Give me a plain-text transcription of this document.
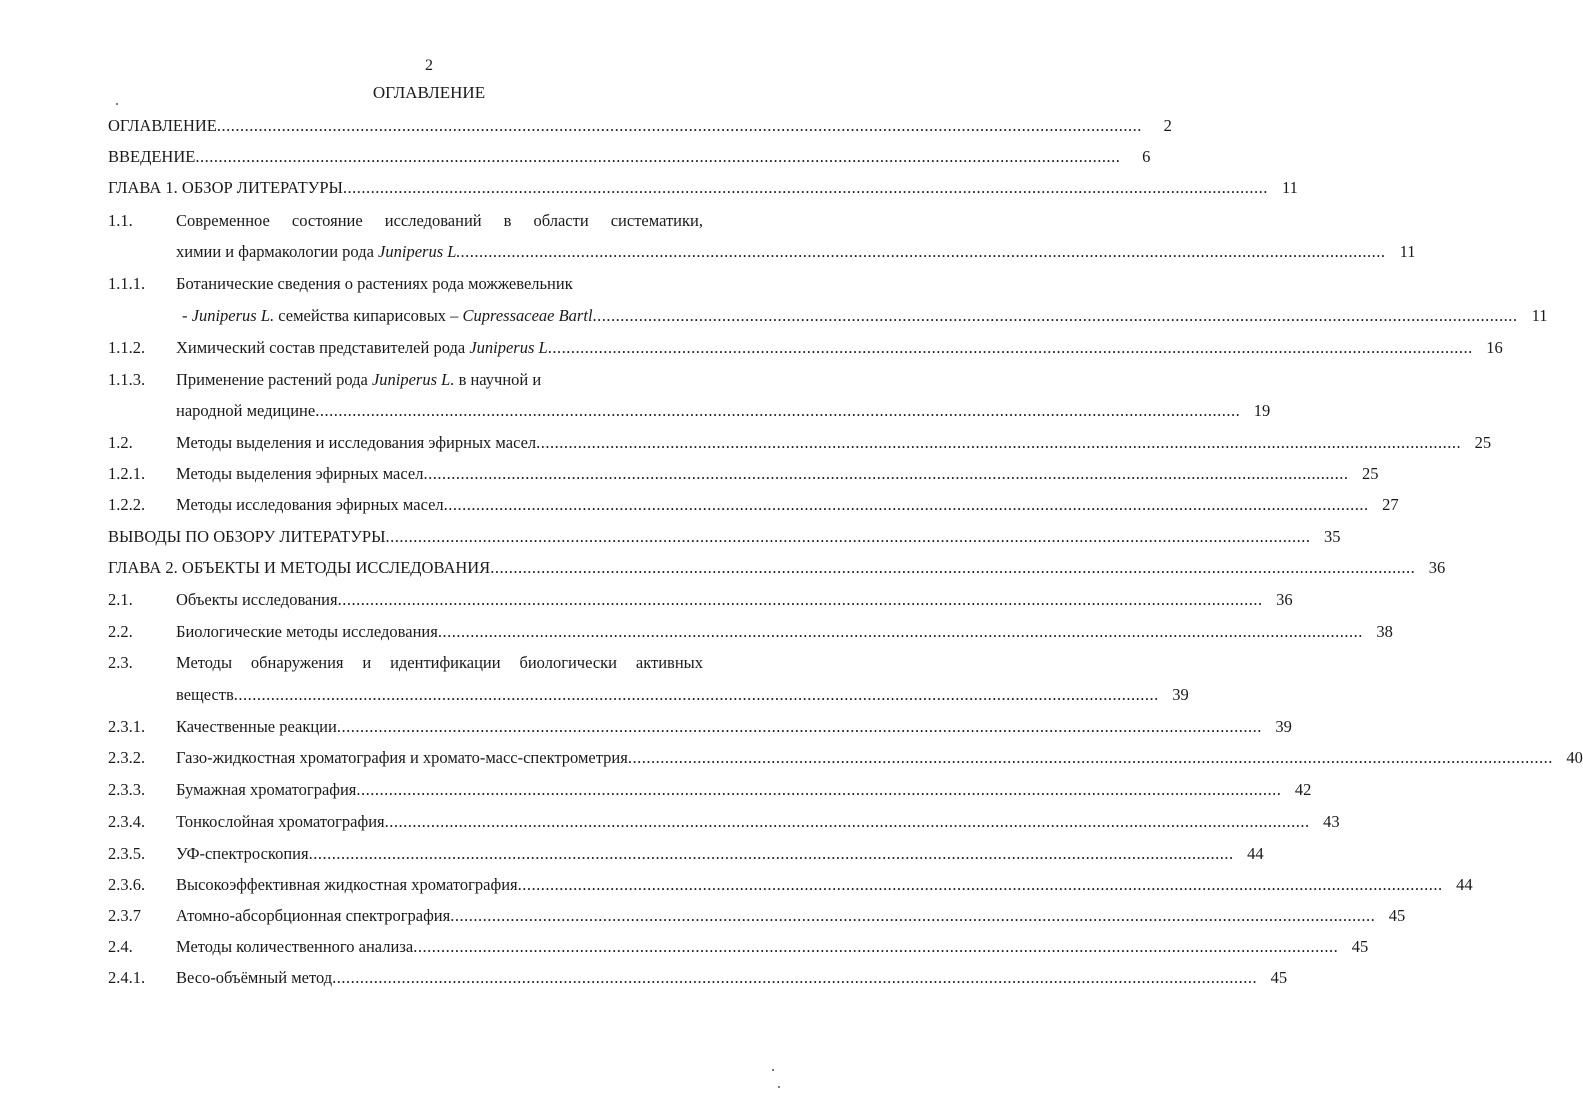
2
ОГЛАВЛЕНИЕ
ОГЛАВЛЕНИЕ........................................................................................................................................................................................................	2
ВВЕДЕНИЕ........................................................................................................................................................................................................	6
ГЛАВА 1. ОБЗОР ЛИТЕРАТУРЫ........................................................................................................................................................................................................ 11
1.1.	Современное состояние исследований в области систематики,
химии и фармакологии рода Juniperus L......................................................................................................................................................................................................... 11
1.1.1. Ботанические сведения о растениях рода можжевельник
- Juniperus L. семейства кипарисовых – Cupressaceae Bartl........................................................................................................................................................................................................ 11
1.1.2. Химический состав представителей рода Juniperus L........................................................................................................................................................................................................ 16
1.1.3. Применение растений рода Juniperus L. в научной и
народной медицине........................................................................................................................................................................................................ 19
1.2.	Методы выделения и исследования эфирных масел........................................................................................................................................................................................................ 25
1.2.1. Методы выделения эфирных масел........................................................................................................................................................................................................ 25
1.2.2. Методы исследования эфирных масел........................................................................................................................................................................................................ 27
ВЫВОДЫ ПО ОБЗОРУ ЛИТЕРАТУРЫ........................................................................................................................................................................................................ 35
ГЛАВА 2. ОБЪЕКТЫ И МЕТОДЫ ИССЛЕДОВАНИЯ........................................................................................................................................................................................................ 36
2.1.	Объекты исследования........................................................................................................................................................................................................ 36
2.2.	Биологические методы исследования........................................................................................................................................................................................................ 38
2.3.	Методы обнаружения и идентификации биологически активных
веществ........................................................................................................................................................................................................ 39
2.3.1. Качественные реакции........................................................................................................................................................................................................ 39
2.3.2. Газо-жидкостная хроматография и хромато-масс-спектрометрия........................................................................................................................................................................................................ 40
2.3.3. Бумажная хроматография........................................................................................................................................................................................................ 42
2.3.4. Тонкослойная хроматография........................................................................................................................................................................................................ 43
2.3.5. УФ-спектроскопия........................................................................................................................................................................................................ 44
2.3.6. Высокоэффективная жидкостная хроматография........................................................................................................................................................................................................ 44
2.3.7 Атомно-абсорбционная спектрография........................................................................................................................................................................................................ 45
2.4.	Методы количественного анализа........................................................................................................................................................................................................ 45
2.4.1. Весо-объёмный метод........................................................................................................................................................................................................ 45
